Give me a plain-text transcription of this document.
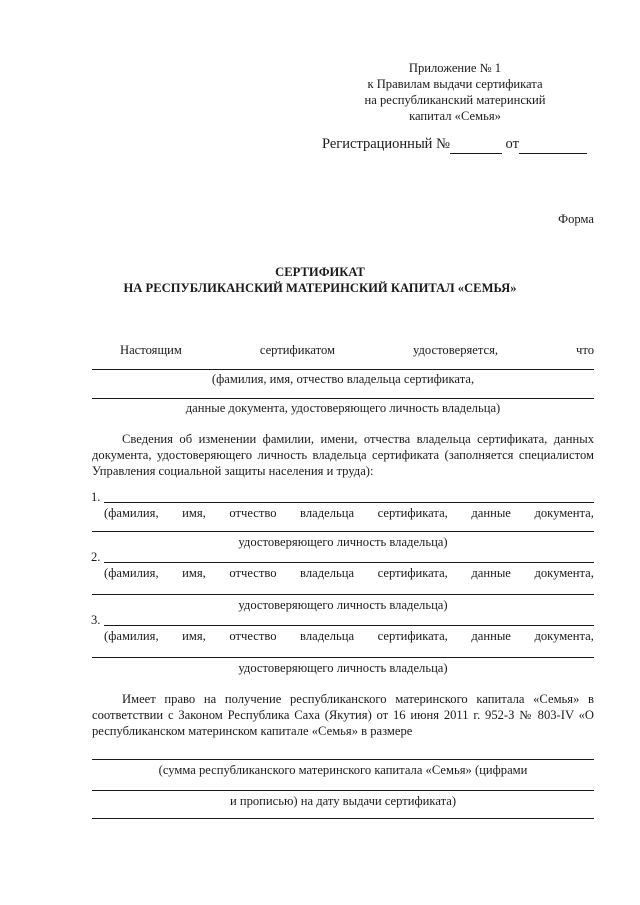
Приложение № 1
к Правилам выдачи сертификата
на республиканский материнский
капитал «Семья»
Регистрационный №	от
Форма
СЕРТИФИКАТ
НА РЕСПУБЛИКАНСКИЙ МАТЕРИНСКИЙ КАПИТАЛ «СЕМЬЯ»
Настоящим	сертификатом	удостоверяется,	что
(фамилия, имя, отчество владельца сертификата,
данные документа, удостоверяющего личность владельца)
Сведения об изменении фамилии, имени, отчества владельца сертификата, данных документа, удостоверяющего личность владельца сертификата (заполняется специалистом Управления социальной защиты населения и труда):
1.
(фамилия, имя, отчество владельца сертификата, данные документа,
удостоверяющего личность владельца)
2.
(фамилия, имя, отчество владельца сертификата, данные документа,
удостоверяющего личность владельца)
3.
(фамилия, имя, отчество владельца сертификата, данные документа,
удостоверяющего личность владельца)
Имеет право на получение республиканского материнского капитала «Семья» в соответствии с Законом Республика Саха (Якутия) от 16 июня 2011 г. 952-З № 803-IV «О республиканском материнском капитале «Семья» в размере
(сумма республиканского материнского капитала «Семья» (цифрами
и прописью) на дату выдачи сертификата)
